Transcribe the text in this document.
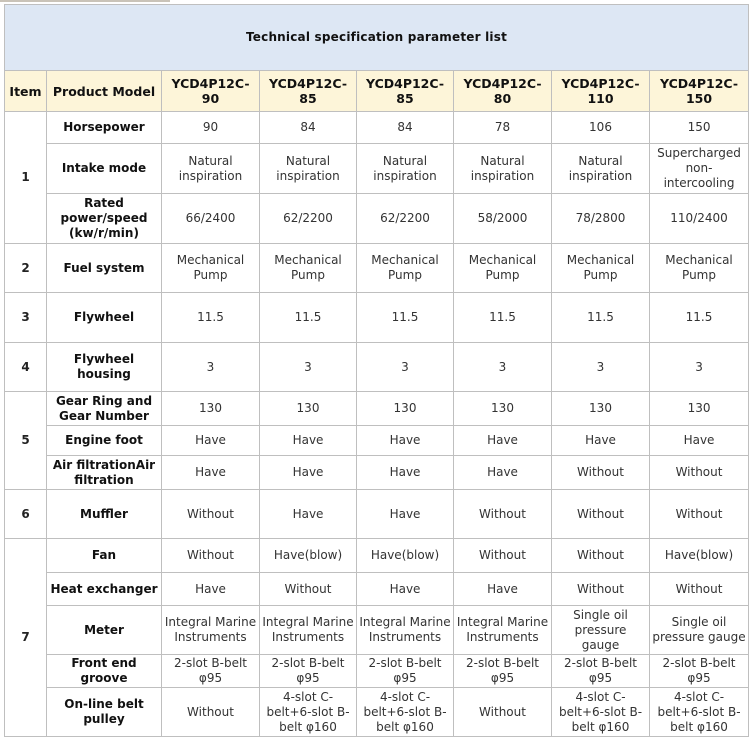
Technical specification parameter list							
Item	Product Model	YCD4P12C-90	YCD4P12C-85	YCD4P12C-85	YCD4P12C-80	YCD4P12C-110	YCD4P12C-150
1	Horsepower	90	84	84	78	106	150
	Intake mode	Natural inspiration	Natural inspiration	Natural inspiration	Natural inspiration	Natural inspiration	Supercharged non-intercooling
	Rated power/speed (kw/r/min)	66/2400	62/2200	62/2200	58/2000	78/2800	110/2400
2	Fuel system	Mechanical Pump	Mechanical Pump	Mechanical Pump	Mechanical Pump	Mechanical Pump	Mechanical Pump
3	Flywheel	11.5	11.5	11.5	11.5	11.5	11.5
4	Flywheel housing	3	3	3	3	3	3
5	Gear Ring and Gear Number	130	130	130	130	130	130
	Engine foot	Have	Have	Have	Have	Have	Have
	Air filtrationAir filtration	Have	Have	Have	Have	Without	Without
6	Muffler	Without	Have	Have	Without	Without	Without
7	Fan	Without	Have(blow)	Have(blow)	Without	Without	Have(blow)
	Heat exchanger	Have	Without	Have	Have	Without	Without
	Meter	Integral Marine Instruments	Integral Marine Instruments	Integral Marine Instruments	Integral Marine Instruments	Single oil pressure gauge	Single oil pressure gauge
	Front end groove	2-slot B-belt φ95	2-slot B-belt φ95	2-slot B-belt φ95	2-slot B-belt φ95	2-slot B-belt φ95	2-slot B-belt φ95
	On-line belt pulley	Without	4-slot C-belt+6-slot B-belt φ160	4-slot C-belt+6-slot B-belt φ160	Without	4-slot C-belt+6-slot B-belt φ160	4-slot C-belt+6-slot B-belt φ160
